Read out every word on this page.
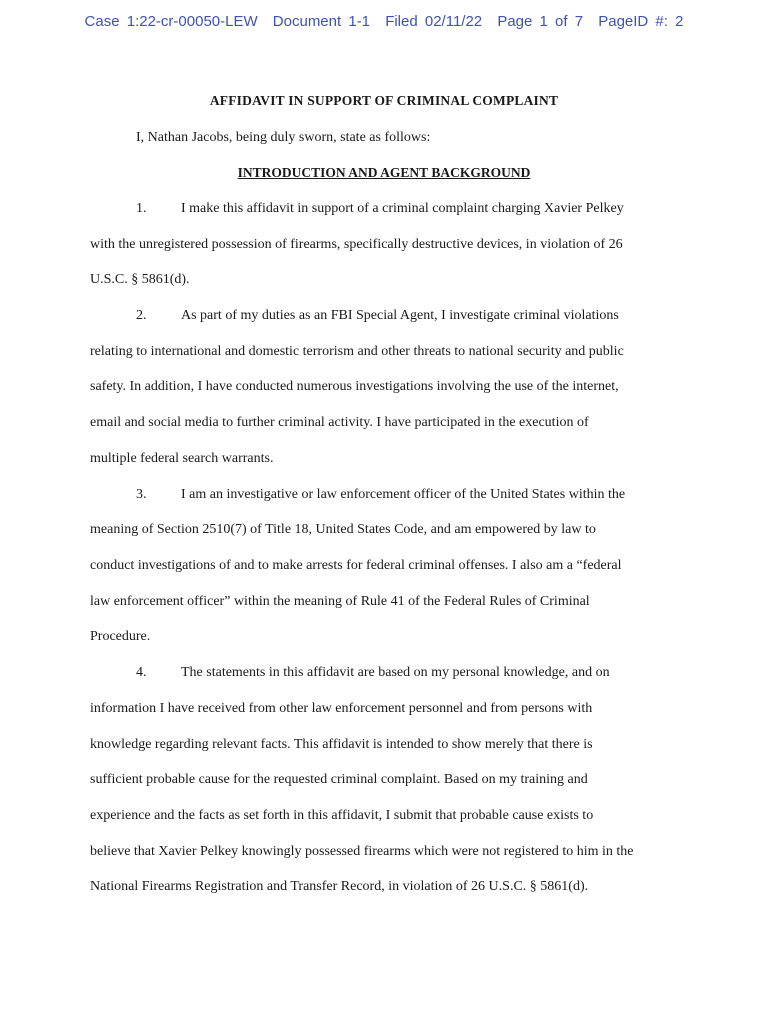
Case 1:22-cr-00050-LEW Document 1-1 Filed 02/11/22 Page 1 of 7 PageID #: 2
AFFIDAVIT IN SUPPORT OF CRIMINAL COMPLAINT
I, Nathan Jacobs, being duly sworn, state as follows:
INTRODUCTION AND AGENT BACKGROUND
1. I make this affidavit in support of a criminal complaint charging Xavier Pelkey
with the unregistered possession of firearms, specifically destructive devices, in violation of 26
U.S.C. § 5861(d).
2. As part of my duties as an FBI Special Agent, I investigate criminal violations
relating to international and domestic terrorism and other threats to national security and public
safety. In addition, I have conducted numerous investigations involving the use of the internet,
email and social media to further criminal activity. I have participated in the execution of
multiple federal search warrants.
3. I am an investigative or law enforcement officer of the United States within the
meaning of Section 2510(7) of Title 18, United States Code, and am empowered by law to
conduct investigations of and to make arrests for federal criminal offenses. I also am a “federal
law enforcement officer” within the meaning of Rule 41 of the Federal Rules of Criminal
Procedure.
4. The statements in this affidavit are based on my personal knowledge, and on
information I have received from other law enforcement personnel and from persons with
knowledge regarding relevant facts. This affidavit is intended to show merely that there is
sufficient probable cause for the requested criminal complaint. Based on my training and
experience and the facts as set forth in this affidavit, I submit that probable cause exists to
believe that Xavier Pelkey knowingly possessed firearms which were not registered to him in the
National Firearms Registration and Transfer Record, in violation of 26 U.S.C. § 5861(d).
